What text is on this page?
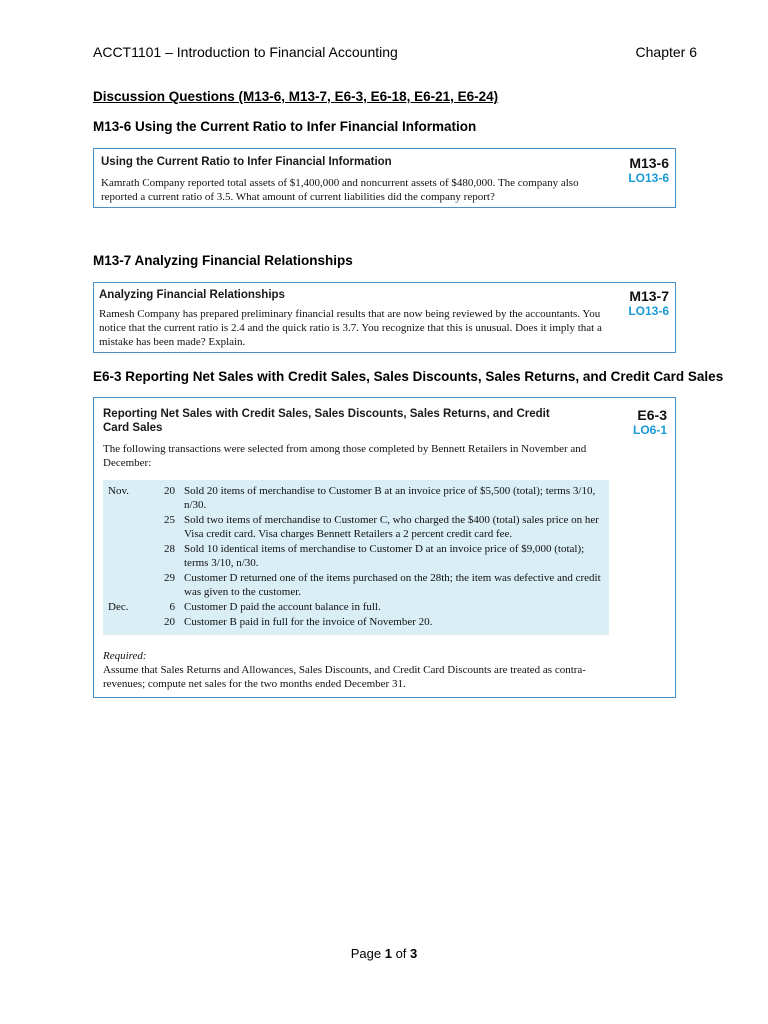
ACCT1101 – Introduction to Financial Accounting	Chapter 6
Discussion Questions (M13-6, M13-7, E6-3, E6-18, E6-21, E6-24)
M13-6 Using the Current Ratio to Infer Financial Information
Using the Current Ratio to Infer Financial Information	M13-6
LO13-6
Kamrath Company reported total assets of $1,400,000 and noncurrent assets of $480,000. The company also reported a current ratio of 3.5. What amount of current liabilities did the company report?
M13-7 Analyzing Financial Relationships
Analyzing Financial Relationships	M13-7
LO13-6
Ramesh Company has prepared preliminary financial results that are now being reviewed by the accountants. You notice that the current ratio is 2.4 and the quick ratio is 3.7. You recognize that this is unusual. Does it imply that a mistake has been made? Explain.
E6-3 Reporting Net Sales with Credit Sales, Sales Discounts, Sales Returns, and Credit Card Sales
Reporting Net Sales with Credit Sales, Sales Discounts, Sales Returns, and Credit Card Sales
E6-3
LO6-1
The following transactions were selected from among those completed by Bennett Retailers in November and December:
Nov.	20 Sold 20 items of merchandise to Customer B at an invoice price of $5,500 (total); terms 3/10, n/30.
25 Sold two items of merchandise to Customer C, who charged the $400 (total) sales price on her Visa credit card. Visa charges Bennett Retailers a 2 percent credit card fee.
28 Sold 10 identical items of merchandise to Customer D at an invoice price of $9,000 (total); terms 3/10, n/30.
29 Customer D returned one of the items purchased on the 28th; the item was defective and credit was given to the customer.
Dec.	6 Customer D paid the account balance in full.
20 Customer B paid in full for the invoice of November 20.
Required:
Assume that Sales Returns and Allowances, Sales Discounts, and Credit Card Discounts are treated as contra-revenues; compute net sales for the two months ended December 31.
Page 1 of 3
